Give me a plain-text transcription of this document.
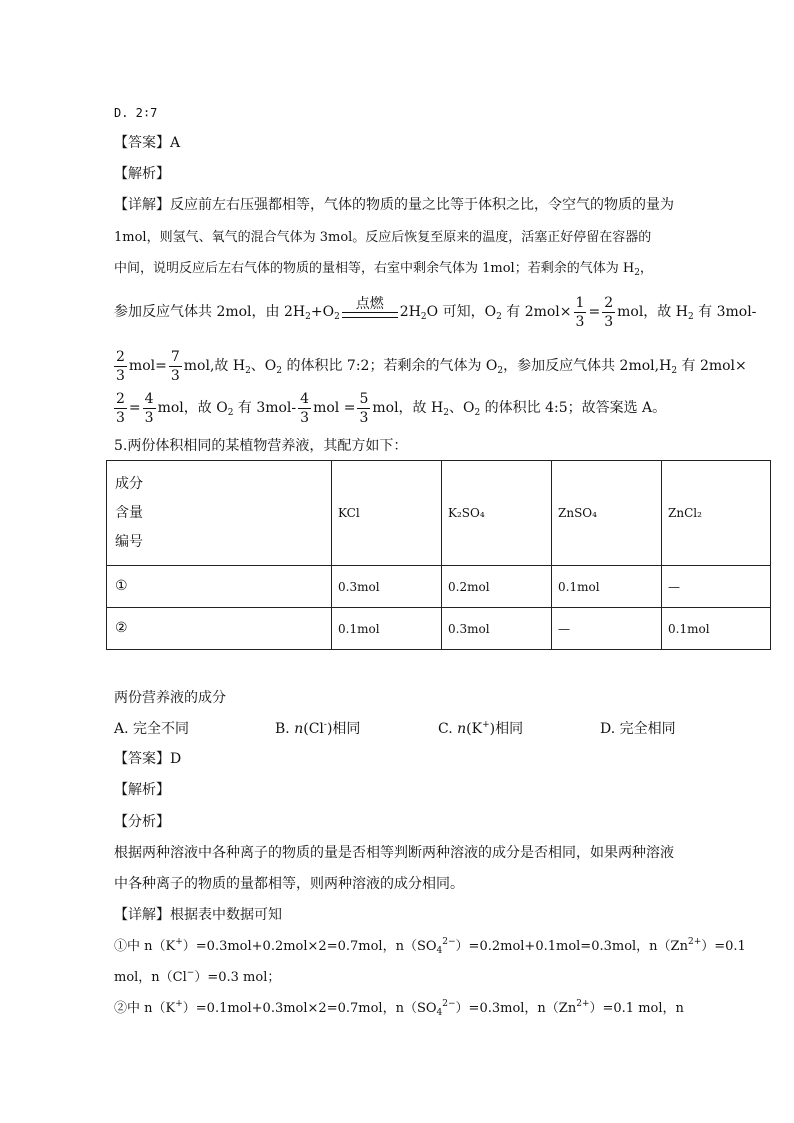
D. 2∶7
【答案】A
【解析】
【详解】反应前左右压强都相等，气体的物质的量之比等于体积之比，令空气的物质的量为
1mol，则氢气、氧气的混合气体为 3mol。反应后恢复至原来的温度，活塞正好停留在容器的
中间，说明反应后左右气体的物质的量相等，右室中剩余气体为 1mol；若剩余的气体为 $H_2$，
参加反应气体共 2mol，由 $2H_2+O_2$
点燃	$2H_2O$ 可知，$O_2$ 有 $2mol\times \frac{1}{3} = \frac{2}{3}$ mol，故 $H_2$ 有 3mol-
$\frac{2}{3} mol= \frac{7}{3}$ mol,故 $H_2$、$O_2$ 的体积比 7:2；若剩余的气体为 $O_2$，参加反应气体共 $2mol,H_2$ 有 2mol×
$\frac{2}{3} = \frac{4}{3}$ mol，故 $O_2$ 有 $3mol- \frac{4}{3}$ mol = $\frac{5}{3}$ mol，故 $H_2$、$O_2$ 的体积比 4:5；故答案选 A。
5.两份体积相同的某植物营养液，其配方如下：
成分
含量
编号	KCl	K₂SO₄	ZnSO₄	ZnCl₂
①	0.3mol	0.2mol	0.1mol	—
②	0.1mol	0.3mol	—	0.1mol
两份营养液的成分
A. 完全不同	B. n(Cl-)相同	C. n(K+)相同	D. 完全相同
【答案】D
【解析】
【分析】
根据两种溶液中各种离子的物质的量是否相等判断两种溶液的成分是否相同，如果两种溶液
中各种离子的物质的量都相等，则两种溶液的成分相同。
【详解】根据表中数据可知
①中 n（K+）=0.3mol+0.2mol×2=0.7mol，$n(SO_4^{2-})=0.2mol+0.1mol=0.3mol$，$n(Zn^{2+})=0.1$
mol，n（Cl−）=0.3 mol；
②中 n（K+）=0.1mol+0.3mol×2=0.7mol，$n(SO_4^{2-})=0.3mol$，$n(Zn^{2+})=0.1$ mol，n
